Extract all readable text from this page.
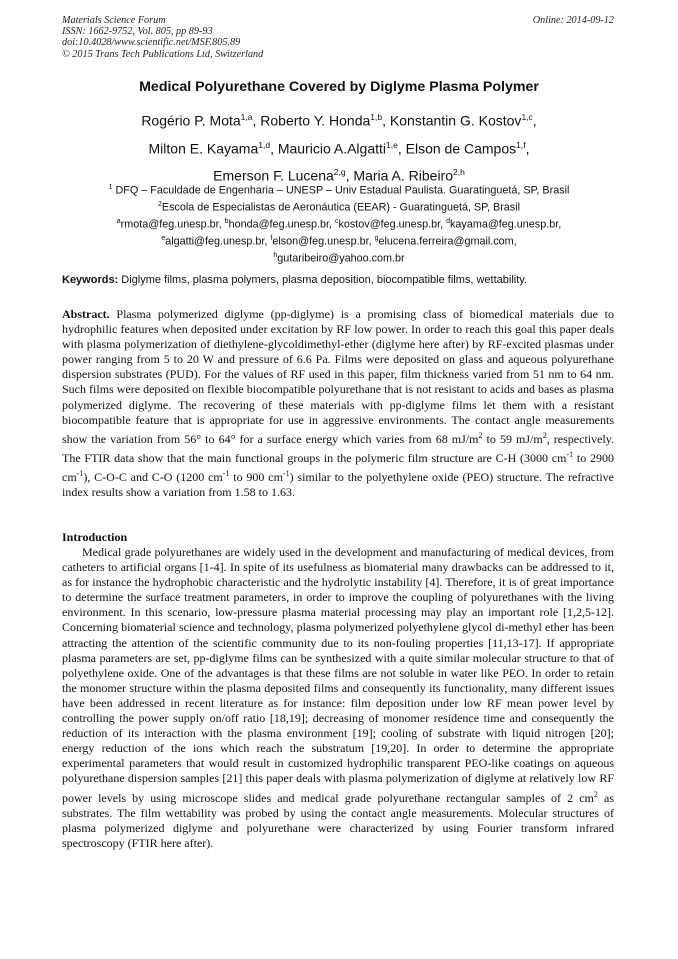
Materials Science Forum
ISSN: 1662-9752, Vol. 805, pp 89-93
doi:10.4028/www.scientific.net/MSF.805.89
© 2015 Trans Tech Publications Ltd, Switzerland
Online: 2014-09-12
Medical Polyurethane Covered by Diglyme Plasma Polymer
Rogério P. Mota$^{1,a}$, Roberto Y. Honda$^{1,b}$, Konstantin G. Kostov$^{1,c}$,
Milton E. Kayama$^{1,d}$, Mauricio A.Algatti$^{1,e}$, Elson de Campos$^{1,f}$,
Emerson F. Lucena$^{2,g}$, Maria A. Ribeiro$^{2,h}$
$^1$ DFQ – Faculdade de Engenharia – UNESP – Univ Estadual Paulista. Guaratinguetá, SP, Brasil
$^2$Escola de Especialistas de Aeronáutica (EEAR) - Guaratinguetá, SP, Brasil
$^a$rmota@feg.unesp.br, $^b$honda@feg.unesp.br, $^c$kostov@feg.unesp.br, $^d$kayama@feg.unesp.br,
$^e$algatti@feg.unesp.br, $^f$elson@feg.unesp.br, $^g$elucena.ferreira@gmail.com,
$^h$gutaribeiro@yahoo.com.br
Keywords: Diglyme films, plasma polymers, plasma deposition, biocompatible films, wettability.
Abstract. Plasma polymerized diglyme (pp-diglyme) is a promising class of biomedical materials due to hydrophilic features when deposited under excitation by RF low power. In order to reach this goal this paper deals with plasma polymerization of diethylene-glycoldimethyl-ether (diglyme here after) by RF-excited plasmas under power ranging from 5 to 20 W and pressure of 6.6 Pa. Films were deposited on glass and aqueous polyurethane dispersion substrates (PUD). For the values of RF used in this paper, film thickness varied from 51 nm to 64 nm. Such films were deposited on flexible biocompatible polyurethane that is not resistant to acids and bases as plasma polymerized diglyme. The recovering of these materials with pp-diglyme films let them with a resistant biocompatible feature that is appropriate for use in aggressive environments. The contact angle measurements show the variation from 56° to 64° for a surface energy which varies from 68 $mJ/m^2$ to 59 $mJ/m^2$, respectively. The FTIR data show that the main functional groups in the polymeric film structure are C-H (3000 $cm^{-1}$ to 2900 $cm^{-1}$), C-O-C and C-O (1200 $cm^{-1}$ to 900 $cm^{-1}$) similar to the polyethylene oxide (PEO) structure. The refractive index results show a variation from 1.58 to 1.63.
Introduction
Medical grade polyurethanes are widely used in the development and manufacturing of medical devices, from catheters to artificial organs [1-4]. In spite of its usefulness as biomaterial many drawbacks can be addressed to it, as for instance the hydrophobic characteristic and the hydrolytic instability [4]. Therefore, it is of great importance to determine the surface treatment parameters, in order to improve the coupling of polyurethanes with the living environment. In this scenario, low-pressure plasma material processing may play an important role [1,2,5-12]. Concerning biomaterial science and technology, plasma polymerized polyethylene glycol di-methyl ether has been attracting the attention of the scientific community due to its non-fouling properties [11,13-17]. If appropriate plasma parameters are set, pp-diglyme films can be synthesized with a quite similar molecular structure to that of polyethylene oxide. One of the advantages is that these films are not soluble in water like PEO. In order to retain the monomer structure within the plasma deposited films and consequently its functionality, many different issues have been addressed in recent literature as for instance: film deposition under low RF mean power level by controlling the power supply on/off ratio [18,19]; decreasing of monomer residence time and consequently the reduction of its interaction with the plasma environment [19]; cooling of substrate with liquid nitrogen [20]; energy reduction of the ions which reach the substratum [19,20]. In order to determine the appropriate experimental parameters that would result in customized hydrophilic transparent PEO-like coatings on aqueous polyurethane dispersion samples [21] this paper deals with plasma polymerization of diglyme at relatively low RF power levels by using microscope slides and medical grade polyurethane rectangular samples of 2 $cm^2$ as substrates. The film wettability was probed by using the contact angle measurements. Molecular structures of plasma polymerized diglyme and polyurethane were characterized by using Fourier transform infrared spectroscopy (FTIR here after).
